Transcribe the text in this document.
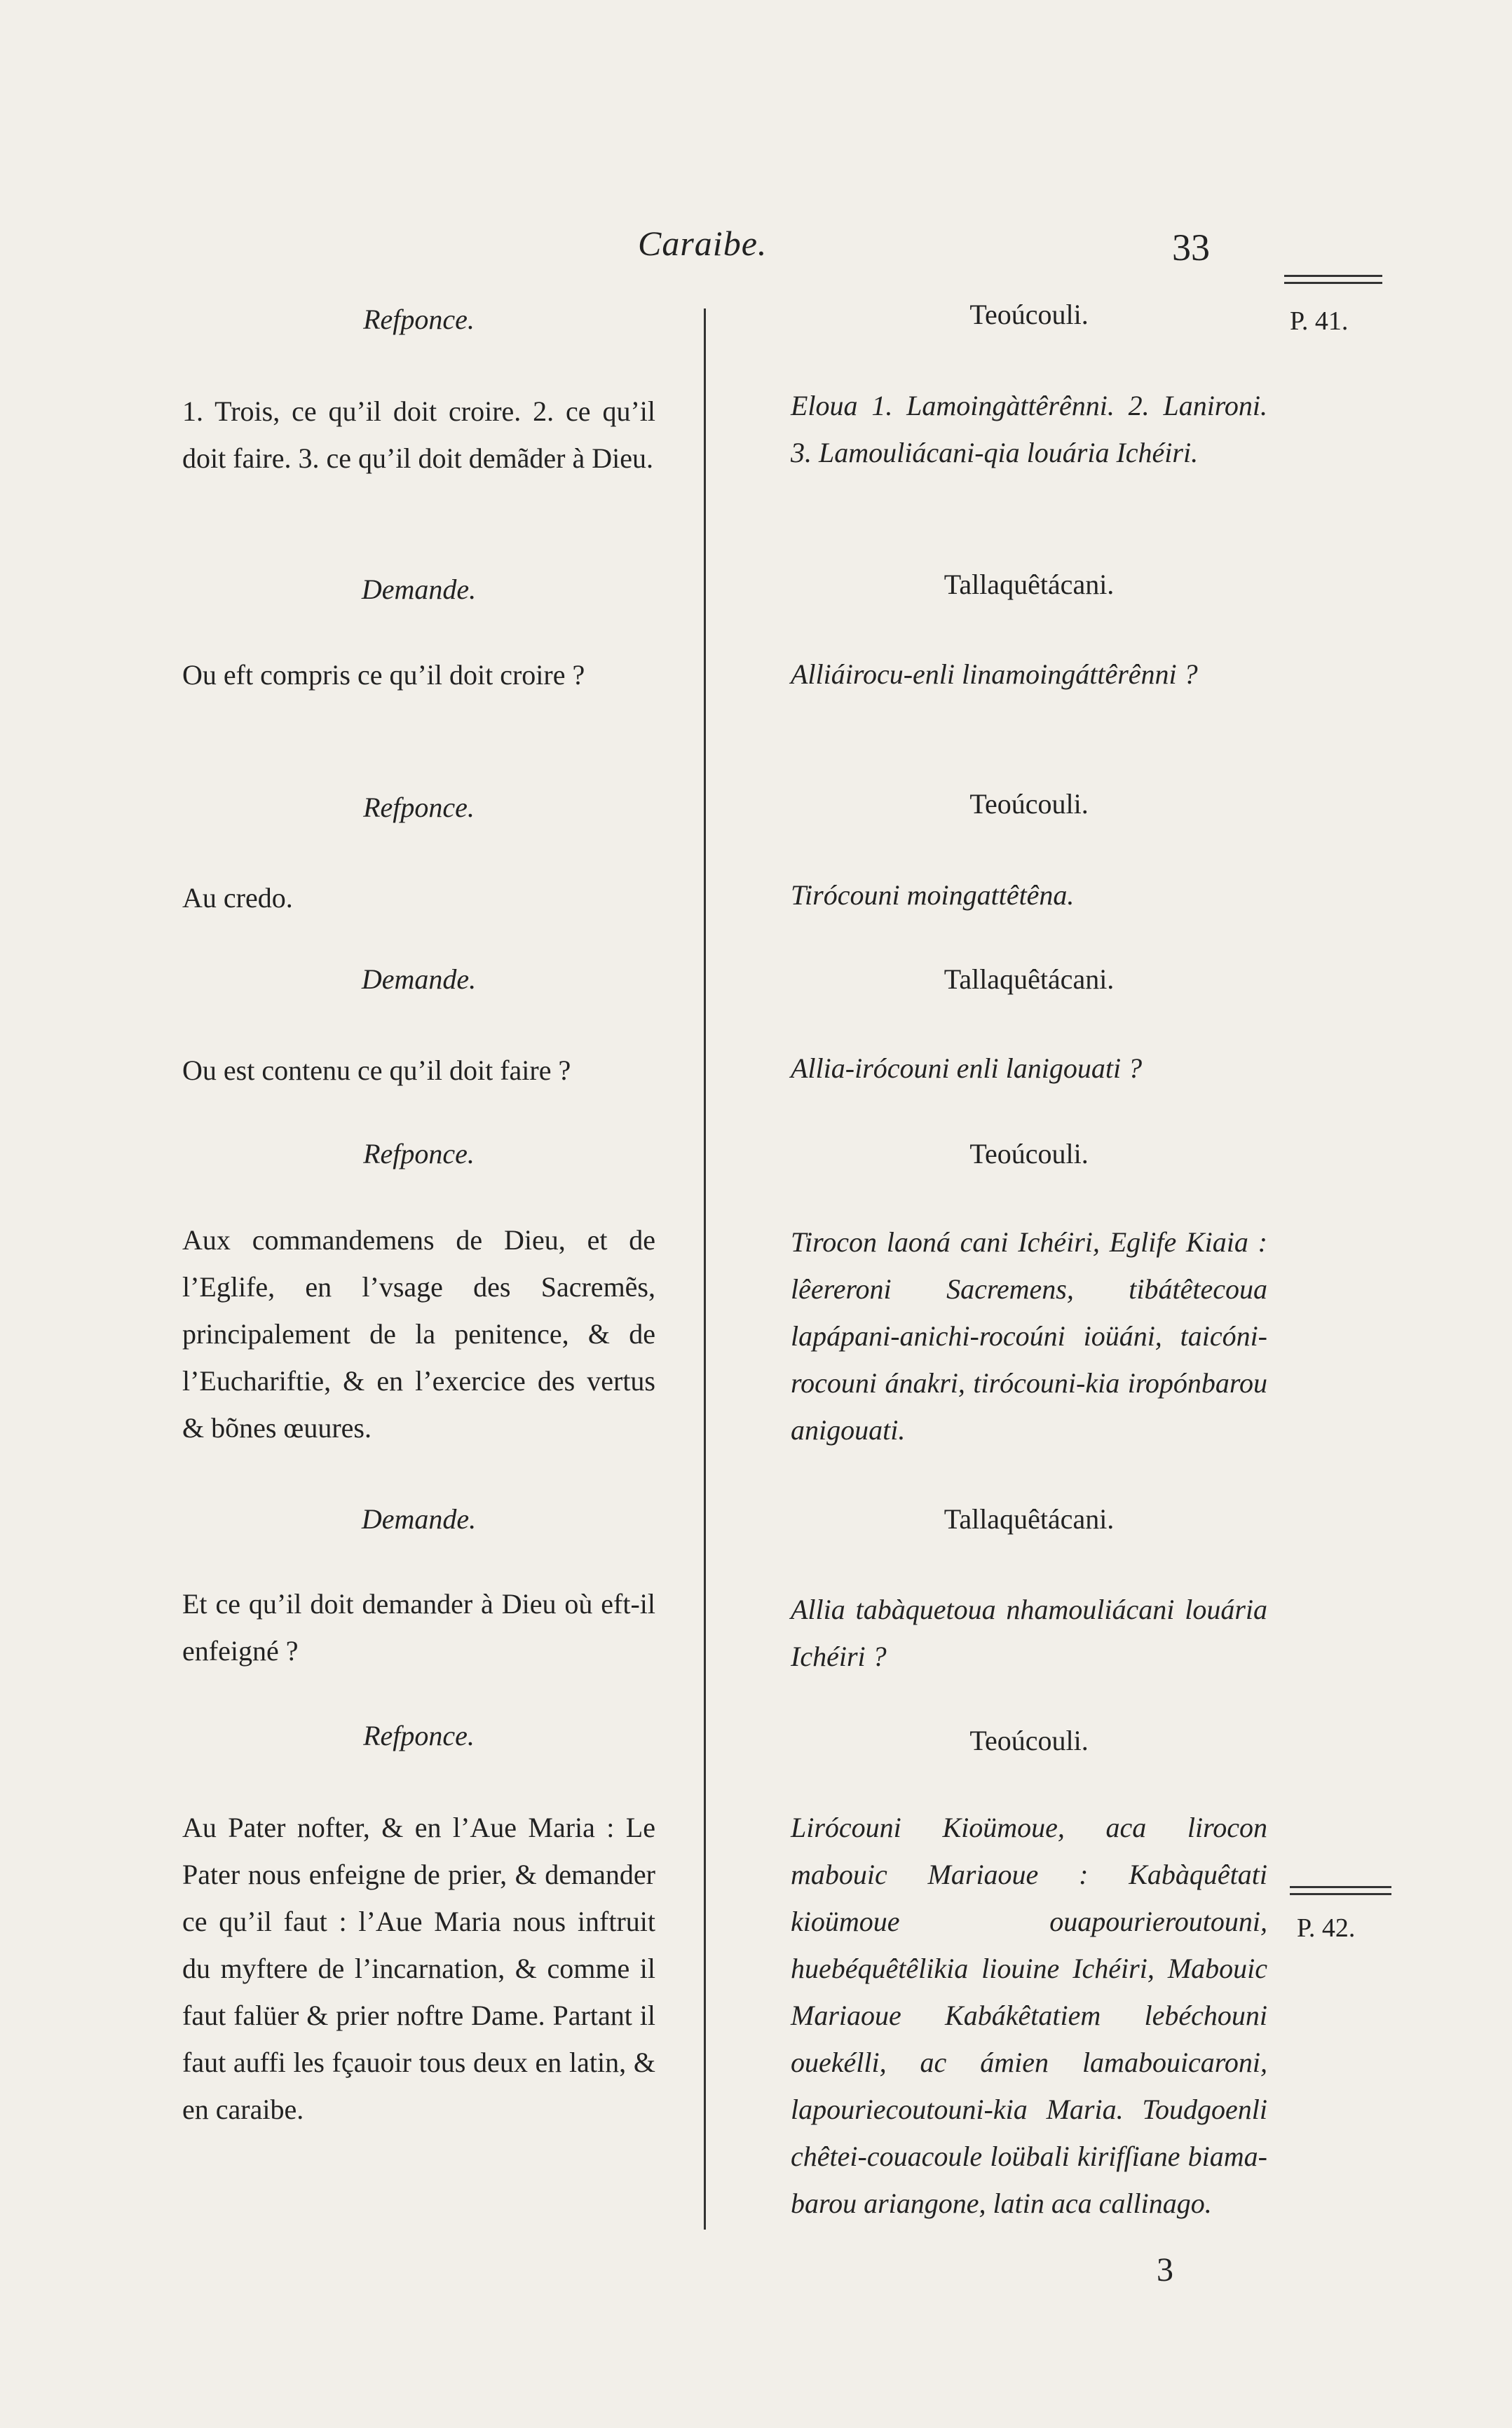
Caraibe.	33
Refponce.
1. Trois, ce qu’il doit croire. 2. ce qu’il doit faire. 3. ce qu’il doit demãder à Dieu.
Demande.
Ou eft compris ce qu’il doit croire ?
Refponce.
Au credo.
Demande.
Ou est contenu ce qu’il doit faire ?
Refponce.
Aux commandemens de Dieu, et de l’Eglife, en l’vsage des Sacremẽs, principalement de la penitence, & de l’Euchariftie, & en l’exercice des vertus & bõnes œuures.
Demande.
Et ce qu’il doit demander à Dieu où eft-il enfeigné ?
Refponce.
Au Pater nofter, & en l’Aue Maria : Le Pater nous enfeigne de prier, & demander ce qu’il faut : l’Aue Maria nous inftruit du myftere de l’incarnation, & comme il faut falüer & prier noftre Dame. Partant il faut auffi les fçauoir tous deux en latin, & en caraibe.
Teoúcouli.
Eloua 1. Lamoingàttêrênni. 2. Lanironi. 3. Lamouliácani-qia louária Ichéiri.
Tallaquêtácani.
Alliáirocu-enli linamoingáttêrênni ?
Teoúcouli.
Tirócouni moingattêtêna.
Tallaquêtácani.
Allia-irócouni enli lanigouati ?
Teoúcouli.
Tirocon laoná cani Ichéiri, Eglife Kiaia : lêereroni Sacremens, tibátêtecoua lapápani-anichi-rocoúni ioüáni, taicóni-rocouni ánakri, tirócouni-kia iropónbarou anigouati.
Tallaquêtácani.
Allia tabàquetoua nhamouliácani louária Ichéiri ?
Teoúcouli.
Lirócouni Kioümoue, aca lirocon mabouic Mariaoue : Kabàquêtati kioümoue ouapourieroutouni, huebéquêtêlikia liouine Ichéiri, Mabouic Mariaoue Kabákêtatiem lebéchouni ouekélli, ac ámien lamabouicaroni, lapouriecoutouni-kia Maria. Toudgoenli chêtei-couacoule loübali kirifſiane biama-barou ariangone, latin aca callinago.
P. 41.
P. 42.
3
